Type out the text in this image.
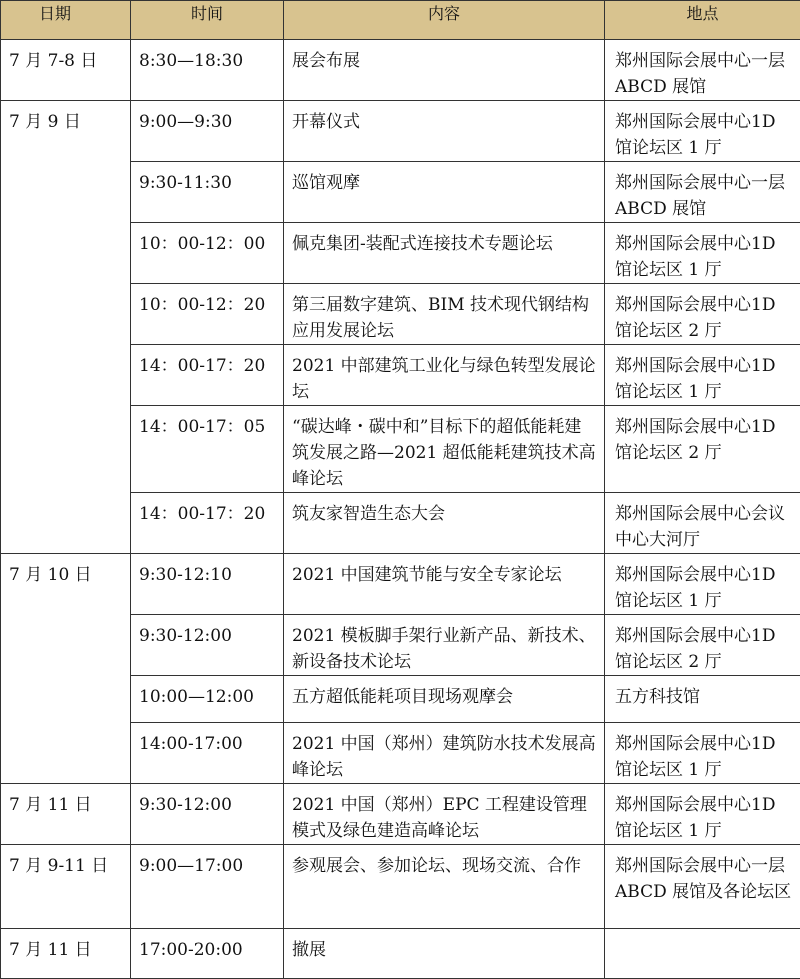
日期	时间	内容	地点
7 月 7-8 日	8:30—18:30	展会布展	郑州国际会展中心一层 ABCD 展馆
7 月 9 日	9:00—9:30	开幕仪式	郑州国际会展中心1D 馆论坛区 1 厅
	9:30-11:30	巡馆观摩	郑州国际会展中心一层 ABCD 展馆
	10：00-12：00	佩克集团-装配式连接技术专题论坛	郑州国际会展中心1D 馆论坛区 1 厅
	10：00-12：20	第三届数字建筑、BIM 技术现代钢结构应用发展论坛	郑州国际会展中心1D 馆论坛区 2 厅
	14：00-17：20	2021 中部建筑工业化与绿色转型发展论坛	郑州国际会展中心1D 馆论坛区 1 厅
	14：00-17：05	“碳达峰・碳中和”目标下的超低能耗建筑发展之路—2021 超低能耗建筑技术高峰论坛	郑州国际会展中心1D 馆论坛区 2 厅
	14：00-17：20	筑友家智造生态大会	郑州国际会展中心会议中心大河厅
7 月 10 日	9:30-12:10	2021 中国建筑节能与安全专家论坛	郑州国际会展中心1D 馆论坛区 1 厅
	9:30-12:00	2021 模板脚手架行业新产品、新技术、新设备技术论坛	郑州国际会展中心1D 馆论坛区 2 厅
	10:00—12:00	五方超低能耗项目现场观摩会	五方科技馆
	14:00-17:00	2021 中国（郑州）建筑防水技术发展高峰论坛	郑州国际会展中心1D 馆论坛区 1 厅
7 月 11 日	9:30-12:00	2021 中国（郑州）EPC 工程建设管理模式及绿色建造高峰论坛	郑州国际会展中心1D 馆论坛区 1 厅
7 月 9-11 日	9:00—17:00	参观展会、参加论坛、现场交流、合作	郑州国际会展中心一层 ABCD 展馆及各论坛区
7 月 11 日	17:00-20:00	撤展	
